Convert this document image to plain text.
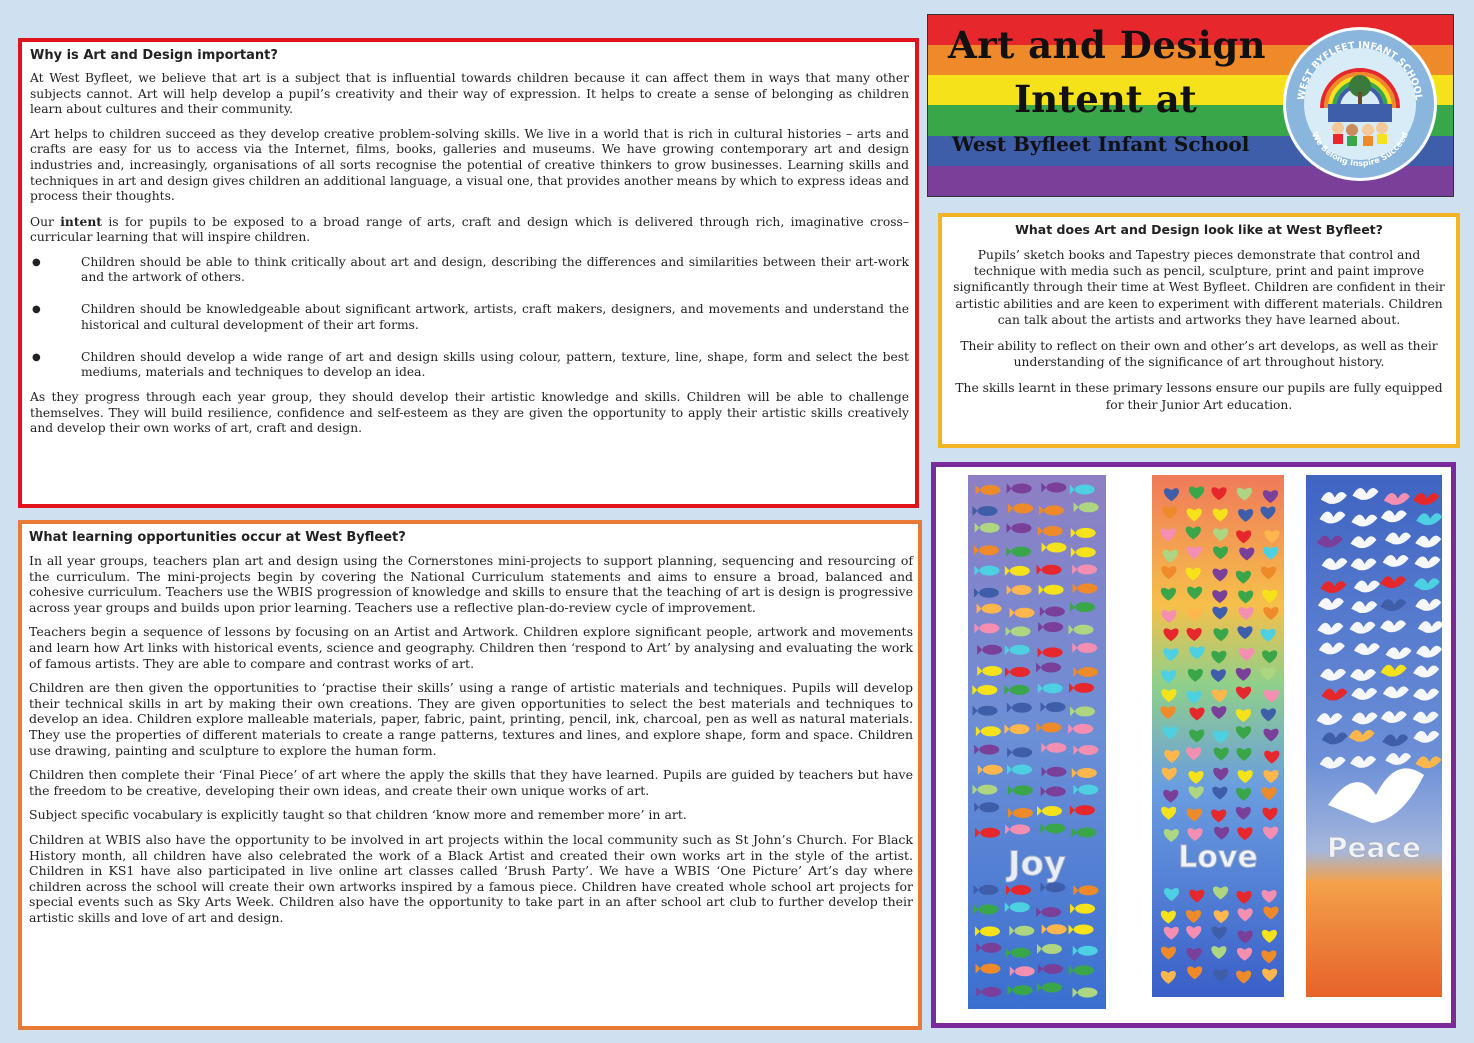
Art and Design
Intent at
West Byfleet Infant School
WEST BYFLEET INFANT SCHOOL
We Belong Inspire Succeed
Why is Art and Design important?

At West Byfleet, we believe that art is a subject that is influential towards children because it can affect them in ways that many other subjects cannot. Art will help develop a pupil’s creativity and their way of expression. It helps to create a sense of belonging as children learn about cultures and their community.

Art helps to children succeed as they develop creative problem-solving skills. We live in a world that is rich in cultural histories – arts and crafts are easy for us to access via the Internet, films, books, galleries and museums. We have growing contemporary art and design industries and, increasingly, organisations of all sorts recognise the potential of creative thinkers to grow businesses. Learning skills and techniques in art and design gives children an additional language, a visual one, that provides another means by which to express ideas and process their thoughts.

Our intent is for pupils to be exposed to a broad range of arts, craft and design which is delivered through rich, imaginative cross–curricular learning that will inspire children.

● Children should be able to think critically about art and design, describing the differences and similarities between their art-work and the artwork of others.
● Children should be knowledgeable about significant artwork, artists, craft makers, designers, and movements and understand the historical and cultural development of their art forms.
● Children should develop a wide range of art and design skills using colour, pattern, texture, line, shape, form and select the best mediums, materials and techniques to develop an idea.

As they progress through each year group, they should develop their artistic knowledge and skills. Children will be able to challenge themselves. They will build resilience, confidence and self-esteem as they are given the opportunity to apply their artistic skills creatively and develop their own works of art, craft and design.

What does Art and Design look like at West Byfleet?

Pupils’ sketch books and Tapestry pieces demonstrate that control and technique with media such as pencil, sculpture, print and paint improve significantly through their time at West Byfleet. Children are confident in their artistic abilities and are keen to experiment with different materials. Children can talk about the artists and artworks they have learned about.

Their ability to reflect on their own and other’s art develops, as well as their understanding of the significance of art throughout history.

The skills learnt in these primary lessons ensure our pupils are fully equipped for their Junior Art education.

What learning opportunities occur at West Byfleet?

In all year groups, teachers plan art and design using the Cornerstones mini-projects to support planning, sequencing and resourcing of the curriculum. The mini-projects begin by covering the National Curriculum statements and aims to ensure a broad, balanced and cohesive curriculum. Teachers use the WBIS progression of knowledge and skills to ensure that the teaching of art is design is progressive across year groups and builds upon prior learning. Teachers use a reflective plan-do-review cycle of improvement.

Teachers begin a sequence of lessons by focusing on an Artist and Artwork. Children explore significant people, artwork and movements and learn how Art links with historical events, science and geography. Children then ‘respond to Art’ by analysing and evaluating the work of famous artists. They are able to compare and contrast works of art.

Children are then given the opportunities to ‘practise their skills’ using a range of artistic materials and techniques. Pupils will develop their technical skills in art by making their own creations. They are given opportunities to select the best materials and techniques to develop an idea. Children explore malleable materials, paper, fabric, paint, printing, pencil, ink, charcoal, pen as well as natural materials. They use the properties of different materials to create a range patterns, textures and lines, and explore shape, form and space. Children use drawing, painting and sculpture to explore the human form.

Children then complete their ‘Final Piece’ of art where the apply the skills that they have learned. Pupils are guided by teachers but have the freedom to be creative, developing their own ideas, and create their own unique works of art.

Subject specific vocabulary is explicitly taught so that children ‘know more and remember more’ in art.

Children at WBIS also have the opportunity to be involved in art projects within the local community such as St John’s Church. For Black History month, all children have also celebrated the work of a Black Artist and created their own works art in the style of the artist. Children in KS1 have also participated in live online art classes called ‘Brush Party’. We have a WBIS ‘One Picture’ Art’s day where children across the school will create their own artworks inspired by a famous piece. Children have created whole school art projects for special events such as Sky Arts Week. Children also have the opportunity to take part in an after school art club to further develop their artistic skills and love of art and design.

Joy	Love Peace
